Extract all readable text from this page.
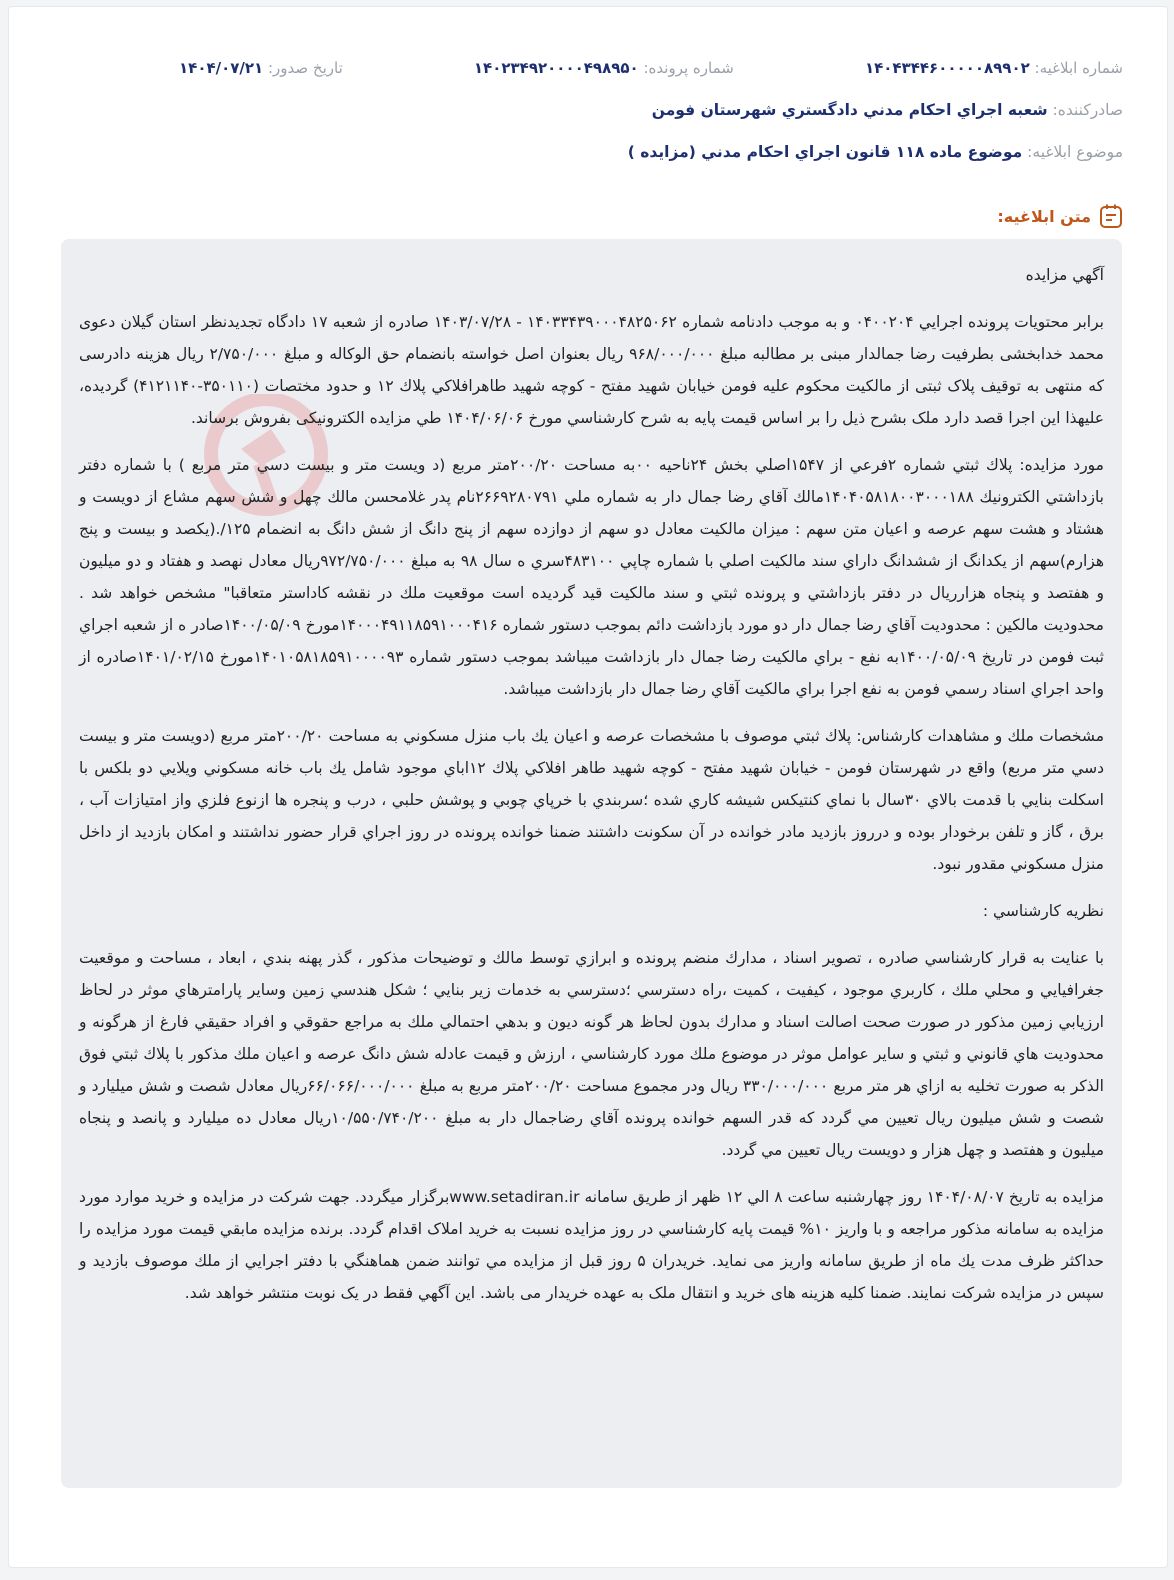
شماره ابلاغیه: ۱۴۰۴۳۴۴۶۰۰۰۰۰۸۹۹۰۲
شماره پرونده: ۱۴۰۲۳۴۹۲۰۰۰۰۴۹۸۹۵۰
تاریخ صدور: ۱۴۰۴/۰۷/۲۱
صادرکننده: شعبه اجراي احكام مدني دادگستري شهرستان فومن
موضوع ابلاغیه: موضوع ماده ۱۱۸ قانون اجراي احكام مدني (مزايده )
متن ابلاغیه:

آگهي مزايده

برابر محتويات پرونده اجرايي ۰۴۰۰۲۰۴ و به موجب دادنامه شماره ۱۴۰۳۳۴۳۹۰۰۰۴۸۲۵۰۶۲ - ۱۴۰۳/۰۷/۲۸ صادره از شعبه ۱۷ دادگاه تجديدنظر استان گيلان دعوی محمد خدابخشی بطرفيت رضا جمالدار مبنی بر مطالبه مبلغ ۹۶۸/۰۰۰/۰۰۰ ريال بعنوان اصل خواسته بانضمام حق الوكاله و مبلغ ۲/۷۵۰/۰۰۰ ريال هزينه دادرسی كه منتهی به توقيف پلاک ثبتی از مالكيت محكوم عليه فومن خيابان شهيد مفتح - كوچه شهيد طاهرافلاكي پلاك ۱۲ و حدود مختصات (۳۵۰۱۱۰-۴۱۲۱۱۴۰) گرديده، عليهذا اين اجرا قصد دارد ملک بشرح ذيل را بر اساس قيمت پايه به شرح كارشناسي مورخ ۱۴۰۴/۰۶/۰۶ طي مزايده الكترونيكی بفروش برساند.

مورد مزايده: پلاك ثبتي شماره ۲فرعي از ۱۵۴۷اصلي بخش ۲۴ناحيه ۰۰به مساحت ۲۰۰/۲۰متر مربع (د ويست متر و بيست دسي متر مربع ) با شماره دفتر بازداشتي الكترونيك ۱۴۰۴۰۵۸۱۸۰۰۳۰۰۰۱۸۸مالك آقاي رضا جمال دار به شماره ملي ۲۶۶۹۲۸۰۷۹۱نام پدر غلامحسن مالك چهل و شش سهم مشاع از دويست و هشتاد و هشت سهم عرصه و اعيان متن سهم : ميزان مالكيت معادل دو سهم از دوازده سهم از پنج دانگ از شش دانگ به انضمام ۱۲۵/.(يكصد و بيست و پنج هزارم)سهم از يكدانگ از ششدانگ داراي سند مالكيت اصلي با شماره چاپي ۴۸۳۱۰۰سري ه سال ۹۸ به مبلغ ۹۷۲/۷۵۰/۰۰۰ريال معادل نهصد و هفتاد و دو ميليون و هفتصد و پنجاه هزارريال در دفتر بازداشتي و پرونده ثبتي و سند مالكيت قيد گرديده است موقعيت ملك در نقشه كاداستر متعاقبا" مشخص خواهد شد . محدوديت مالكين : محدوديت آقاي رضا جمال دار دو مورد بازداشت دائم بموجب دستور شماره ۱۴۰۰۰۴۹۱۱۸۵۹۱۰۰۰۴۱۶مورخ ۱۴۰۰/۰۵/۰۹صادر ه از شعبه اجراي ثبت فومن در تاريخ ۱۴۰۰/۰۵/۰۹به نفع - براي مالكيت رضا جمال دار بازداشت ميباشد بموجب دستور شماره ۱۴۰۱۰۵۸۱۸۵۹۱۰۰۰۰۹۳مورخ ۱۴۰۱/۰۲/۱۵صادره از واحد اجراي اسناد رسمي فومن به نفع اجرا براي مالكيت آقاي رضا جمال دار بازداشت ميباشد.

مشخصات ملك و مشاهدات كارشناس: پلاك ثبتي موصوف با مشخصات عرصه و اعيان يك باب منزل مسكوني به مساحت ۲۰۰/۲۰متر مربع (دويست متر و بيست دسي متر مربع) واقع در شهرستان فومن - خيابان شهيد مفتح - كوچه شهيد طاهر افلاكي پلاك ۱۲اباي موجود شامل يك باب خانه مسكوني ويلايي دو بلكس با اسكلت بنايي با قدمت بالاي ۳۰سال با نماي كنتيكس شيشه كاري شده ؛سربندي با خرپاي چوبي و پوشش حلبي ، درب و پنجره ها ازنوع فلزي واز امتيازات آب ، برق ، گاز و تلفن برخودار بوده و درروز بازديد مادر خوانده در آن سكونت داشتند ضمنا خوانده پرونده در روز اجراي قرار حضور نداشتند و امكان بازديد از داخل منزل مسكوني مقدور نبود.

نظريه كارشناسي :

با عنايت به قرار كارشناسي صادره ، تصوير اسناد ، مدارك منضم پرونده و ابرازي توسط مالك و توضيحات مذكور ، گذر پهنه بندي ، ابعاد ، مساحت و موقعيت جغرافيايي و محلي ملك ، كاربري موجود ، كيفيت ، كميت ،راه دسترسي ؛دسترسي به خدمات زير بنايي ؛ شكل هندسي زمين وساير پارامترهاي موثر در لحاظ ارزيابي زمين مذكور در صورت صحت اصالت اسناد و مدارك بدون لحاظ هر گونه ديون و بدهي احتمالي ملك به مراجع حقوقي و افراد حقيقي فارغ از هرگونه و محدوديت هاي قانوني و ثبتي و ساير عوامل موثر در موضوع ملك مورد كارشناسي ، ارزش و قيمت عادله شش دانگ عرصه و اعيان ملك مذكور با پلاك ثبتي فوق الذكر به صورت تخليه به ازاي هر متر مربع ۳۳۰/۰۰۰/۰۰۰ ريال ودر مجموع مساحت ۲۰۰/۲۰متر مربع به مبلغ ۶۶/۰۶۶/۰۰۰/۰۰۰ريال معادل شصت و شش ميليارد و شصت و شش ميليون ريال تعيين مي گردد كه قدر السهم خوانده پرونده آقاي رضاجمال دار به مبلغ ۱۰/۵۵۰/۷۴۰/۲۰۰ريال معادل ده ميليارد و پانصد و پنجاه ميليون و هفتصد و چهل هزار و دويست ريال تعيين مي گردد.

مزايده به تاريخ ۱۴۰۴/۰۸/۰۷ روز چهارشنبه ساعت ۸ الي ۱۲ ظهر از طريق سامانه www.setadiran.irبرگزار ميگردد. جهت شركت در مزايده و خريد موارد مورد مزايده به سامانه مذكور مراجعه و با واريز ۱۰% قيمت پايه كارشناسي در روز مزايده نسبت به خريد املاک اقدام گردد. برنده مزايده مابقي قيمت مورد مزايده را حداكثر ظرف مدت يك ماه از طريق سامانه واريز می نمايد. خريدران ۵ روز قبل از مزايده مي توانند ضمن هماهنگي با دفتر اجرايي از ملك موصوف بازديد و سپس در مزايده شركت نمايند. ضمنا كليه هزينه های خريد و انتقال ملک به عهده خريدار می باشد. اين آگهي فقط در يک نوبت منتشر خواهد شد.
